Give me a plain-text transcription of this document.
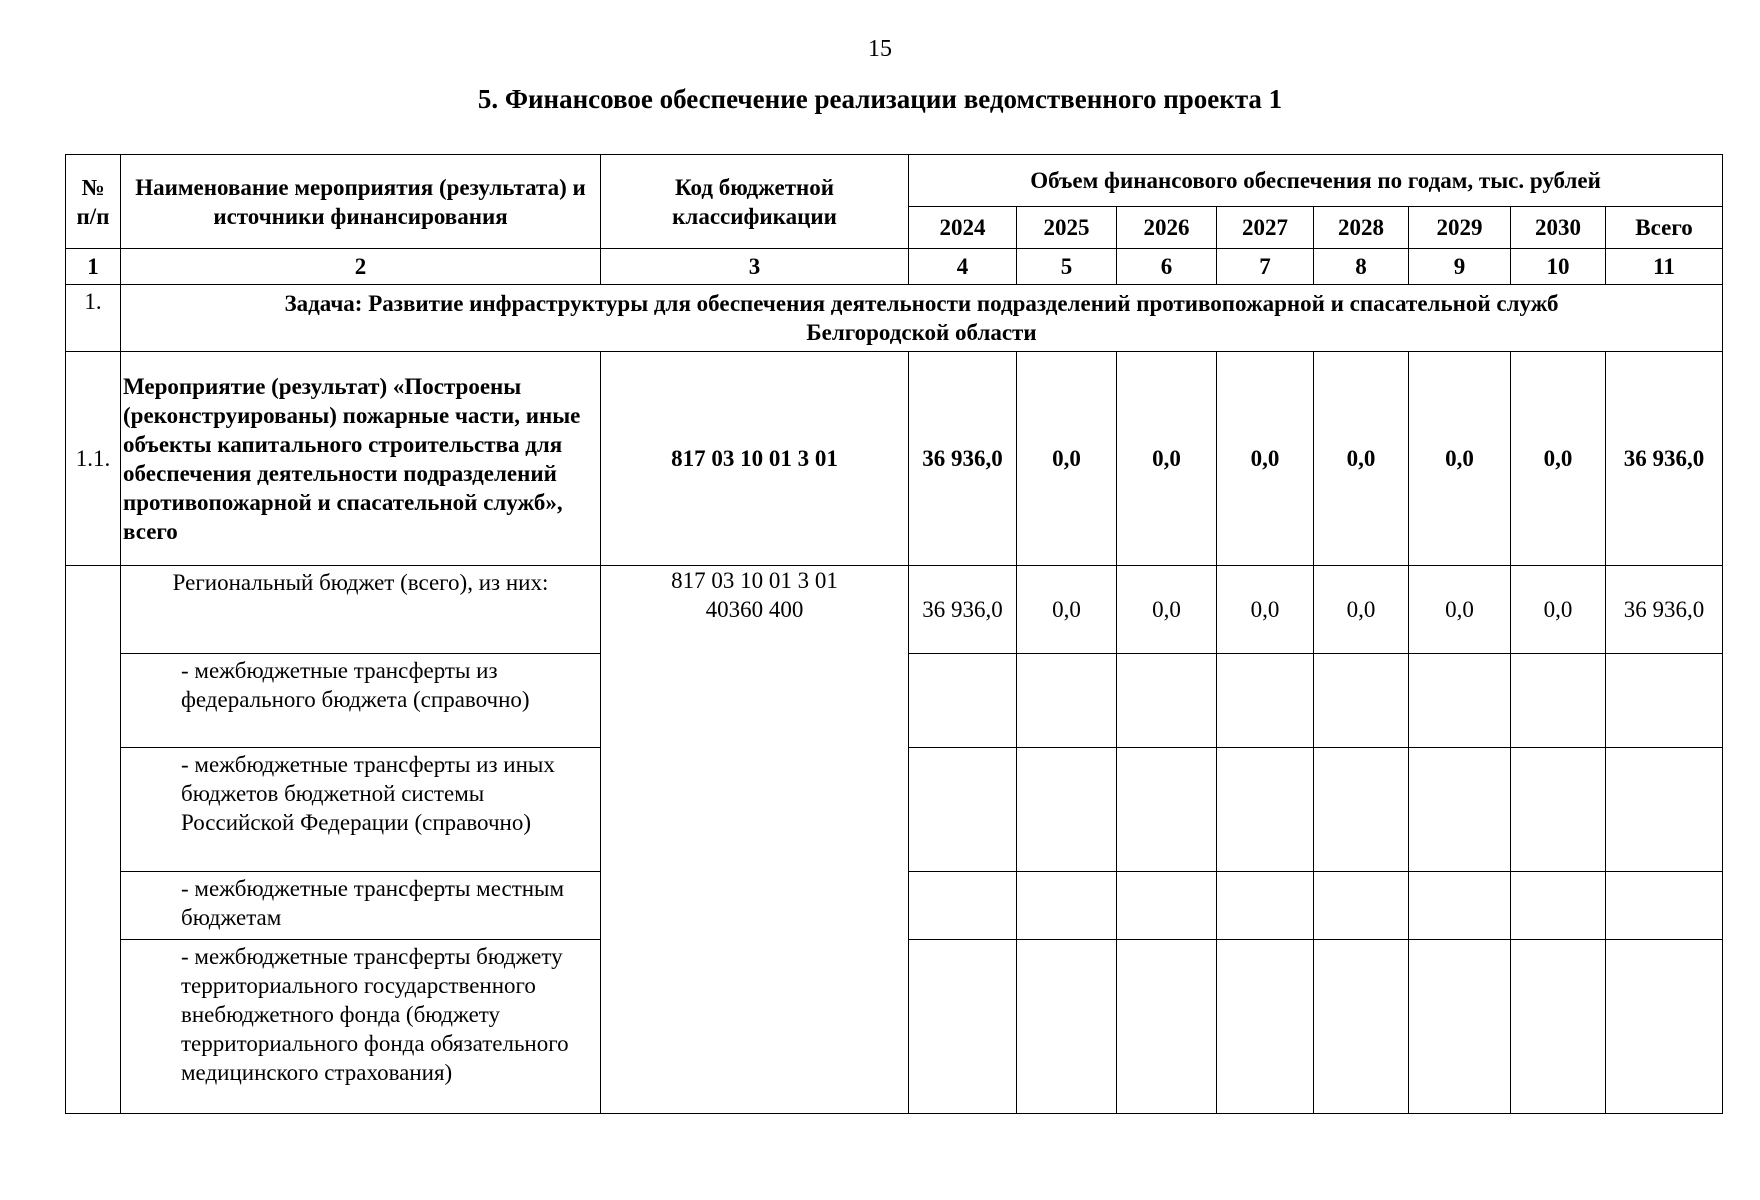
15
5. Финансовое обеспечение реализации ведомственного проекта 1
№ п/п	Наименование мероприятия (результата) и источники финансирования	Код бюджетной классификации	Объем финансового обеспечения по годам, тыс. рублей							
			2024	2025	2026	2027	2028	2029	2030	Всего
1	2	3	4	5	6	7	8	9	10	11
1.	Задача: Развитие инфраструктуры для обеспечения деятельности подразделений противопожарной и спасательной служб Белгородской области									
1.1.	Мероприятие (результат) «Построены (реконструированы) пожарные части, иные объекты капитального строительства для обеспечения деятельности подразделений противопожарной и спасательной служб», всего	817 03 10 01 3 01	36 936,0	0,0	0,0	0,0	0,0	0,0	0,0	36 936,0
	Региональный бюджет (всего), из них:	817 03 10 01 3 01 40360 400	36 936,0	0,0	0,0	0,0	0,0	0,0	0,0	36 936,0
	- межбюджетные трансферты из федерального бюджета (справочно)									
	- межбюджетные трансферты из иных бюджетов бюджетной системы Российской Федерации (справочно)									
	- межбюджетные трансферты местным бюджетам									
	- межбюджетные трансферты бюджету территориального государственного внебюджетного фонда (бюджету территориального фонда обязательного медицинского страхования)									
